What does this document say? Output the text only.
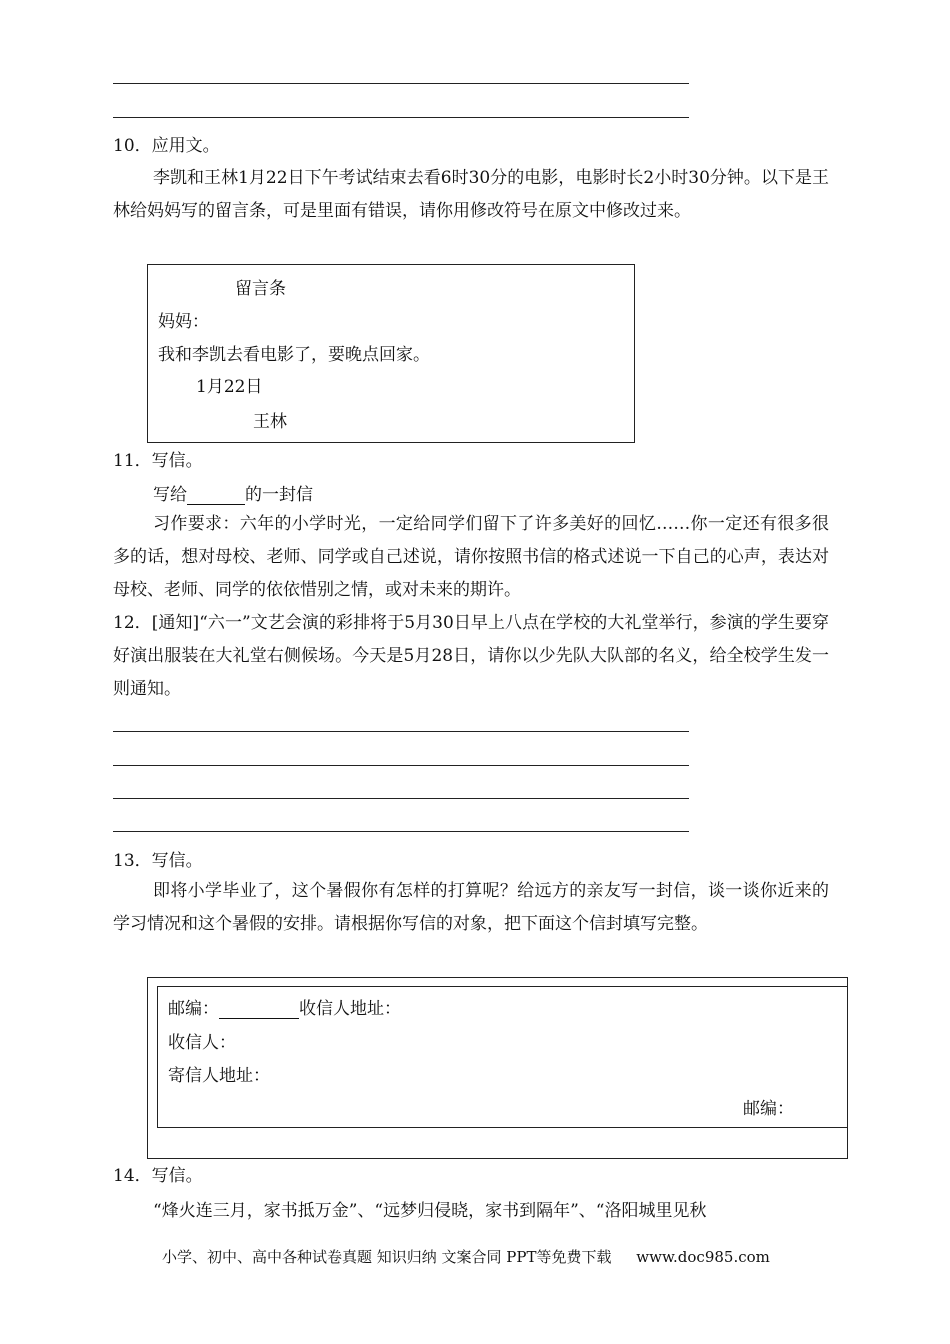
10．应用文。
李凯和王林1月22日下午考试结束去看6时30分的电影，电影时长2小时30分钟。以下是王林给妈妈写的留言条，可是里面有错误，请你用修改符号在原文中修改过来。
留言条
妈妈：
我和李凯去看电影了，要晚点回家。
1月22日
王林
11．写信。
写给	的一封信
习作要求：六年的小学时光，一定给同学们留下了许多美好的回忆……你一定还有很多很多的话，想对母校、老师、同学或自己述说，请你按照书信的格式述说一下自己的心声，表达对母校、老师、同学的依依惜别之情，或对未来的期许。
12．[通知]“六一”文艺会演的彩排将于5月30日早上八点在学校的大礼堂举行，参演的学生要穿好演出服装在大礼堂右侧候场。今天是5月28日，请你以少先队大队部的名义，给全校学生发一则通知。
13．写信。
即将小学毕业了，这个暑假你有怎样的打算呢？给远方的亲友写一封信，谈一谈你近来的学习情况和这个暑假的安排。请根据你写信的对象，把下面这个信封填写完整。
邮编：	收信人地址：
收信人：
寄信人地址：
邮编：
14．写信。
“烽火连三月，家书抵万金”、“远梦归侵晓，家书到隔年”、“洛阳城里见秋
小学、初中、高中各种试卷真题 知识归纳 文案合同 PPT等免费下载 www.doc985.com
